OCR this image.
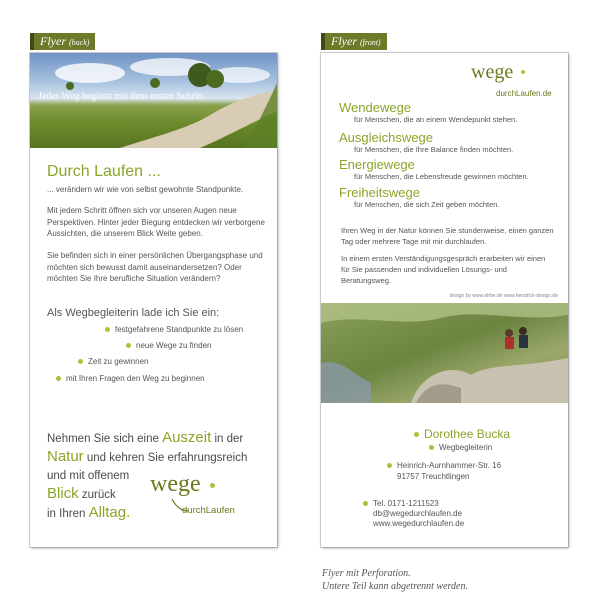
Flyer (back)
Jeder Weg beginnt mit dem ersten Schritt
Durch Laufen ...

... verändern wir wie von selbst gewohnte Standpunkte.

Mit jedem Schritt öffnen sich vor unseren Augen neue Perspektiven. Hinter jeder Biegung entdecken wir verborgene Aussichten, die unserem Blick Weite geben.

Sie befinden sich in einer persönlichen Übergangsphase und möchten sich bewusst damit auseinandersetzen? Oder möchten Sie Ihre berufliche Situation verändern?

Als Wegbegleiterin lade ich Sie ein:
festgefahrene Standpunkte zu lösen
neue Wege zu finden
Zeit zu gewinnen
mit Ihren Fragen den Weg zu beginnen
Nehmen Sie sich eine Auszeit in der
Natur und kehren Sie erfahrungsreich
und mit offenem
Blick zurück
in Ihren Alltag.
wege
durchLaufen
Flyer (front)
wege
durchLaufen.de
Wendewege
für Menschen, die an einem Wendepunkt stehen.
Ausgleichswege
für Menschen, die Ihre Balance finden möchten.
Energiewege
für Menschen, die Lebensfreude gewinnen möchten.
Freiheitswege
für Menschen, die sich Zeit geben möchten.

Ihren Weg in der Natur können Sie stundenweise, einen ganzen Tag oder mehrere Tage mit mir durchlaufen.

In einem ersten Verständigungsgespräch erarbeiten wir einen für Sie passenden und individuellen Lösungs- und Beratungsweg.

design by www.elrbe.de www.hendrick-design.de
Dorothee Bucka
Wegbegleiterin
Heinrich-Aurnhammer-Str. 16
91757 Treuchtlingen
Tel. 0171-1211523
db@wegedurchlaufen.de
www.wegedurchlaufen.de
Flyer mit Perforation.
Untere Teil kann abgetrennt werden.
